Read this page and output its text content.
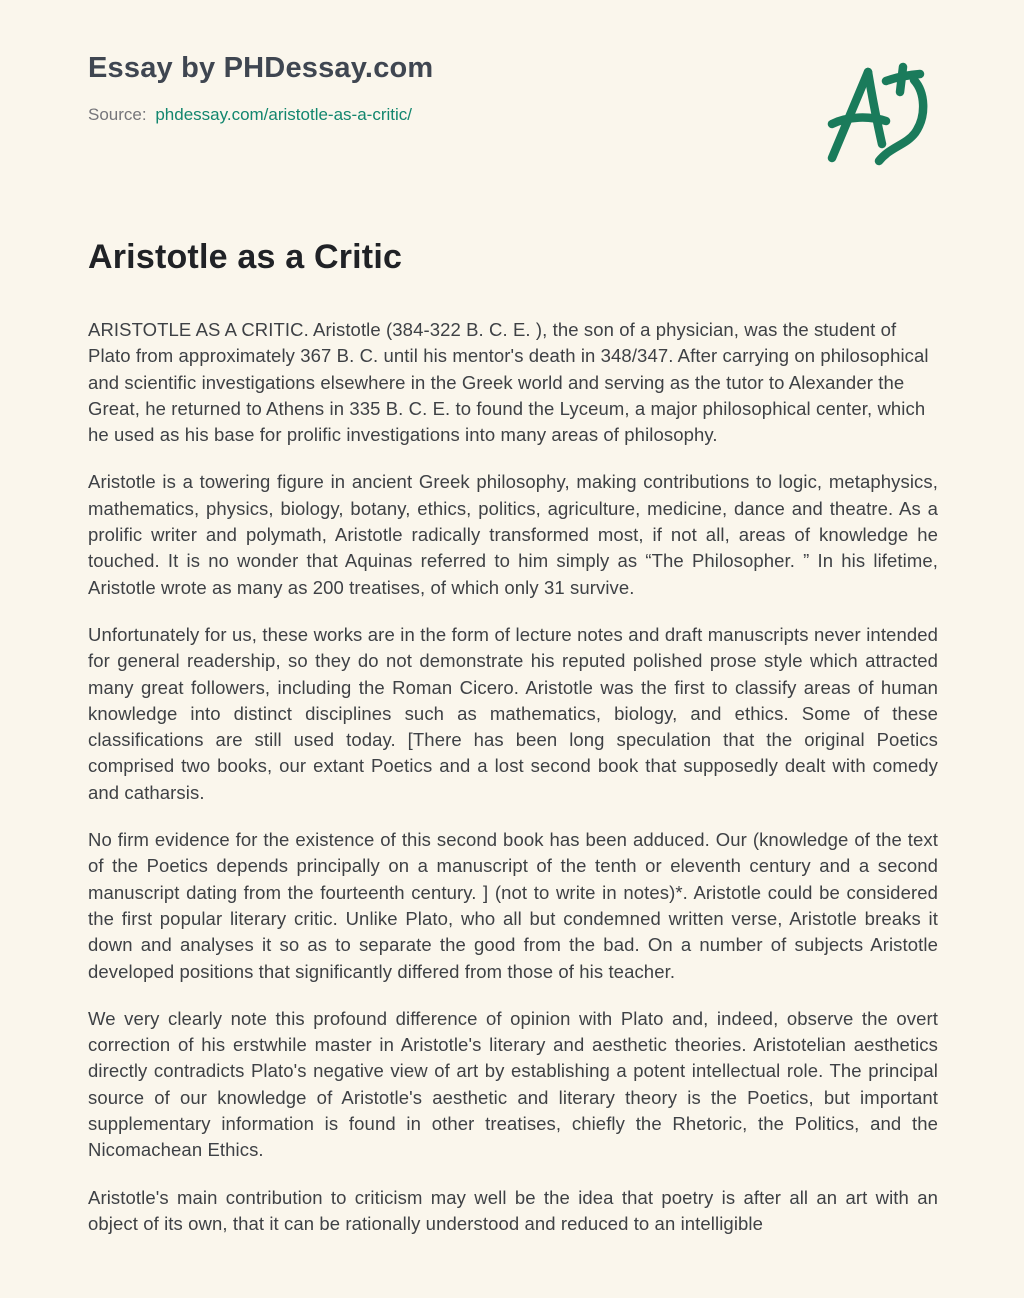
Essay by PHDessay.com

Source: phdessay.com/aristotle-as-a-critic/

Aristotle as a Critic

ARISTOTLE AS A CRITIC. Aristotle (384-322 B. C. E. ), the son of a physician, was the student of Plato from approximately 367 B. C. until his mentor's death in 348/347. After carrying on philosophical and scientific investigations elsewhere in the Greek world and serving as the tutor to Alexander the Great, he returned to Athens in 335 B. C. E. to found the Lyceum, a major philosophical center, which he used as his base for prolific investigations into many areas of philosophy.

Aristotle is a towering figure in ancient Greek philosophy, making contributions to logic, metaphysics, mathematics, physics, biology, botany, ethics, politics, agriculture, medicine, dance and theatre. As a prolific writer and polymath, Aristotle radically transformed most, if not all, areas of knowledge he touched. It is no wonder that Aquinas referred to him simply as “The Philosopher. ” In his lifetime, Aristotle wrote as many as 200 treatises, of which only 31 survive.

Unfortunately for us, these works are in the form of lecture notes and draft manuscripts never intended for general readership, so they do not demonstrate his reputed polished prose style which attracted many great followers, including the Roman Cicero. Aristotle was the first to classify areas of human knowledge into distinct disciplines such as mathematics, biology, and ethics. Some of these classifications are still used today. [There has been long speculation that the original Poetics comprised two books, our extant Poetics and a lost second book that supposedly dealt with comedy and catharsis.

No firm evidence for the existence of this second book has been adduced. Our (knowledge of the text of the Poetics depends principally on a manuscript of the tenth or eleventh century and a second manuscript dating from the fourteenth century. ] (not to write in notes)*. Aristotle could be considered the first popular literary critic. Unlike Plato, who all but condemned written verse, Aristotle breaks it down and analyses it so as to separate the good from the bad. On a number of subjects Aristotle developed positions that significantly differed from those of his teacher.

We very clearly note this profound difference of opinion with Plato and, indeed, observe the overt correction of his erstwhile master in Aristotle's literary and aesthetic theories. Aristotelian aesthetics directly contradicts Plato's negative view of art by establishing a potent intellectual role. The principal source of our knowledge of Aristotle's aesthetic and literary theory is the Poetics, but important supplementary information is found in other treatises, chiefly the Rhetoric, the Politics, and the Nicomachean Ethics.

Aristotle's main contribution to criticism may well be the idea that poetry is after all an art with an object of its own, that it can be rationally understood and reduced to an intelligible
